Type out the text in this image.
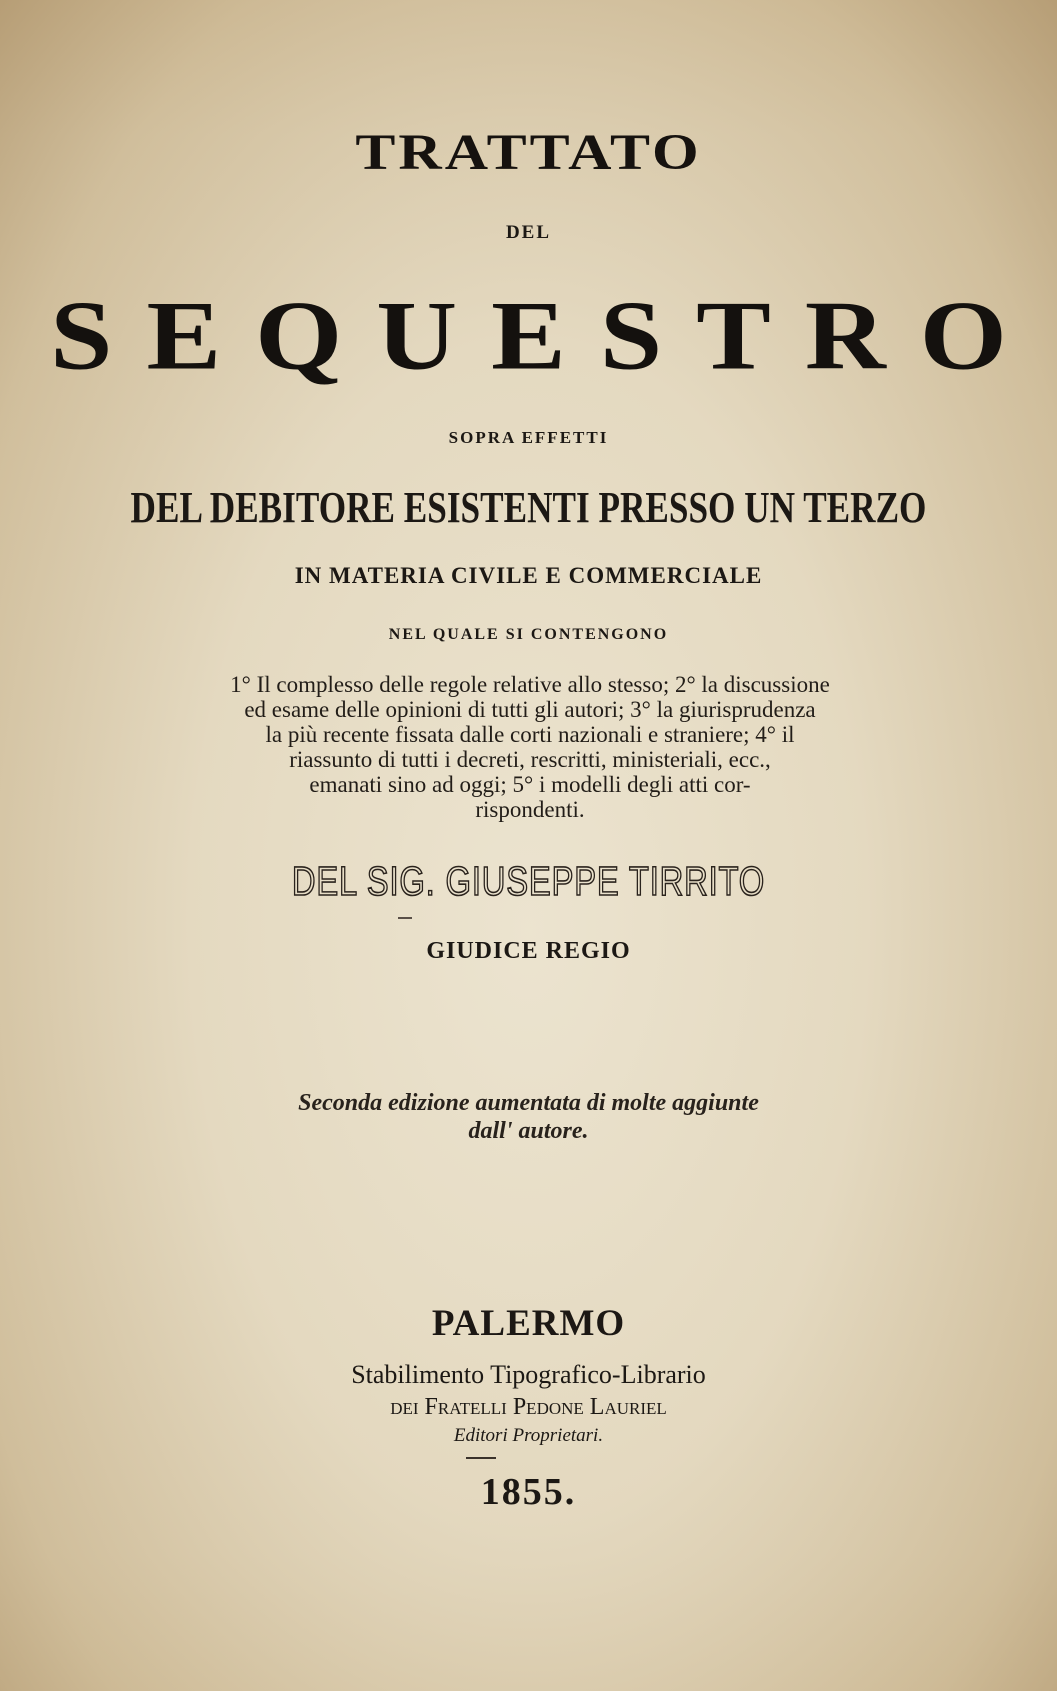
TRATTATO
DEL
SEQUESTRO
SOPRA EFFETTI
DEL DEBITORE ESISTENTI PRESSO UN TERZO
IN MATERIA CIVILE E COMMERCIALE
NEL QUALE SI CONTENGONO
1° Il complesso delle regole relative allo stesso; 2° la discussione
ed esame delle opinioni di tutti gli autori; 3° la giurisprudenza
la più recente fissata dalle corti nazionali e straniere; 4° il
riassunto di tutti i decreti, rescritti, ministeriali, ecc.,
emanati sino ad oggi; 5° i modelli degli atti cor-
rispondenti.
DEL SIG. GIUSEPPE TIRRITO
GIUDICE REGIO
Seconda edizione aumentata di molte aggiunte
dall' autore.
PALERMO
Stabilimento Tipografico-Librario
dei Fratelli Pedone Lauriel
Editori Proprietari.
1855.
